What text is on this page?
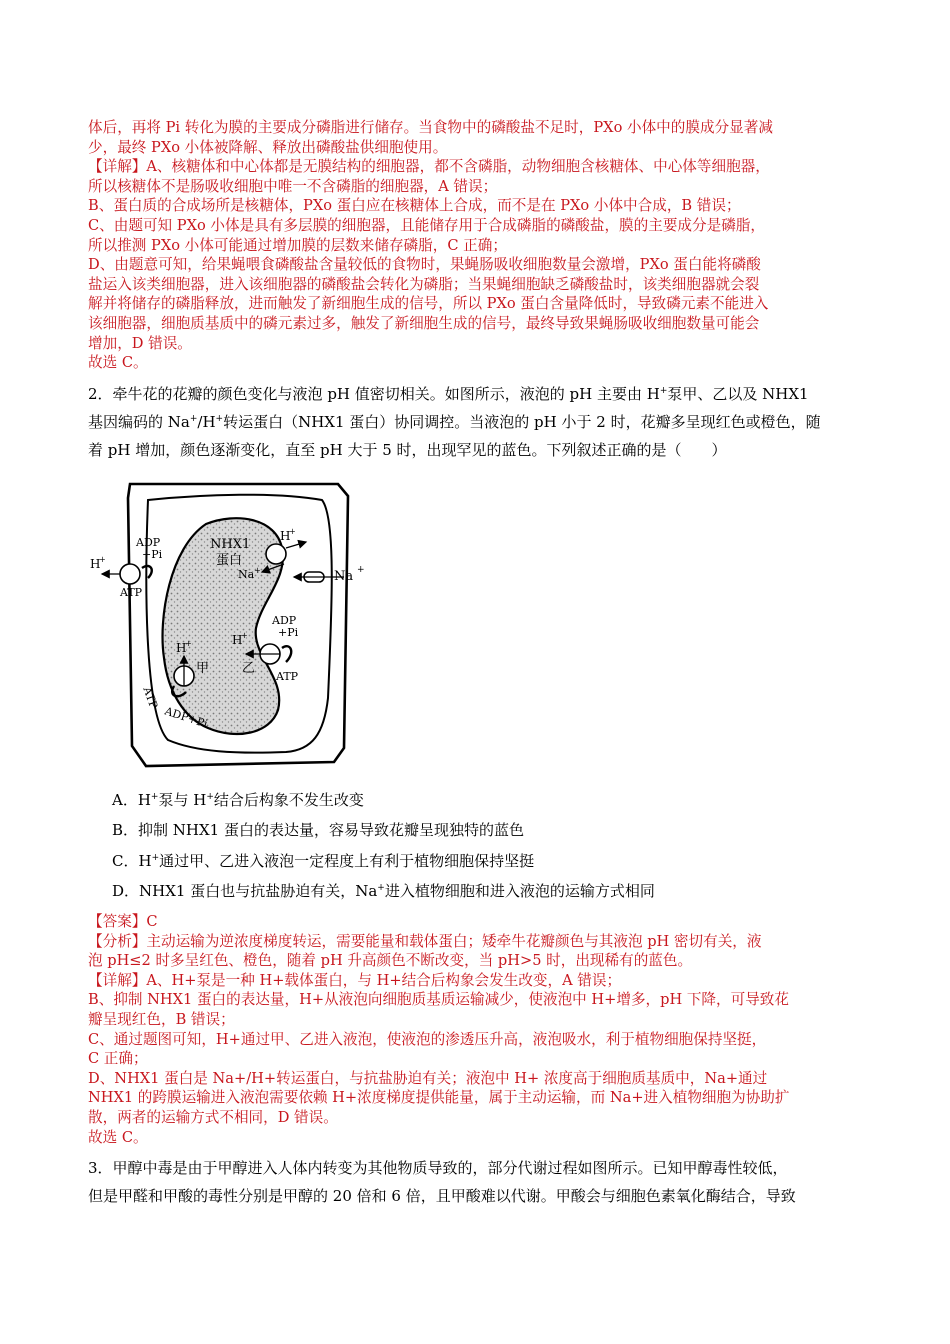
体后，再将 Pi 转化为膜的主要成分磷脂进行储存。当食物中的磷酸盐不足时，PXo 小体中的膜成分显著减

少，最终 PXo 小体被降解、释放出磷酸盐供细胞使用。

【详解】A、核糖体和中心体都是无膜结构的细胞器，都不含磷脂，动物细胞含核糖体、中心体等细胞器，

所以核糖体不是肠吸收细胞中唯一不含磷脂的细胞器，A 错误；

B、蛋白质的合成场所是核糖体，PXo 蛋白应在核糖体上合成，而不是在 PXo 小体中合成，B 错误；

C、由题可知 PXo 小体是具有多层膜的细胞器，且能储存用于合成磷脂的磷酸盐，膜的主要成分是磷脂，

所以推测 PXo 小体可能通过增加膜的层数来储存磷脂，C 正确；

D、由题意可知，给果蝇喂食磷酸盐含量较低的食物时，果蝇肠吸收细胞数量会激增，PXo 蛋白能将磷酸

盐运入该类细胞器，进入该细胞器的磷酸盐会转化为磷脂；当果蝇细胞缺乏磷酸盐时，该类细胞器就会裂

解并将储存的磷脂释放，进而触发了新细胞生成的信号，所以 PXo 蛋白含量降低时，导致磷元素不能进入

该细胞器，细胞质基质中的磷元素过多，触发了新细胞生成的信号，最终导致果蝇肠吸收细胞数量可能会

增加，D 错误。

故选 C。

2．牵牛花的花瓣的颜色变化与液泡 pH 值密切相关。如图所示，液泡的 pH 主要由 H+泵甲、乙以及 NHX1

基因编码的 Na+/H+转运蛋白（NHX1 蛋白）协同调控。当液泡的 pH 小于 2 时，花瓣多呈现红色或橙色，随

着 pH 增加，颜色逐渐变化，直至 pH 大于 5 时，出现罕见的蓝色。下列叙述正确的是（　　）

NHX1
蛋白
Na +
H
+
Na +
H
+
ADP
+Pi
ATP
H
+
ADP
+Pi
ATP
乙
H
+
甲
ATP
ADP+Pi
A．H+泵与 H+结合后构象不发生改变
B．抑制 NHX1 蛋白的表达量，容易导致花瓣呈现独特的蓝色
C．H+通过甲、乙进入液泡一定程度上有利于植物细胞保持坚挺
D．NHX1 蛋白也与抗盐胁迫有关，Na+进入植物细胞和进入液泡的运输方式相同

【答案】C

【分析】主动运输为逆浓度梯度转运，需要能量和载体蛋白；矮牵牛花瓣颜色与其液泡 pH 密切有关，液

泡 pH≤2 时多呈红色、橙色，随着 pH 升高颜色不断改变，当 pH>5 时，出现稀有的蓝色。

【详解】A、H+泵是一种 H+载体蛋白，与 H+结合后构象会发生改变，A 错误；

B、抑制 NHX1 蛋白的表达量，H+从液泡向细胞质基质运输减少，使液泡中 H+增多，pH 下降，可导致花

瓣呈现红色，B 错误；

C、通过题图可知，H+通过甲、乙进入液泡，使液泡的渗透压升高，液泡吸水，利于植物细胞保持坚挺，

C 正确；

D、NHX1 蛋白是 Na+/H+转运蛋白，与抗盐胁迫有关；液泡中 H+ 浓度高于细胞质基质中，Na+通过

NHX1 的跨膜运输进入液泡需要依赖 H+浓度梯度提供能量，属于主动运输，而 Na+进入植物细胞为协助扩

散，两者的运输方式不相同，D 错误。

故选 C。

3．甲醇中毒是由于甲醇进入人体内转变为其他物质导致的，部分代谢过程如图所示。已知甲醇毒性较低，

但是甲醛和甲酸的毒性分别是甲醇的 20 倍和 6 倍，且甲酸难以代谢。甲酸会与细胞色素氧化酶结合，导致
